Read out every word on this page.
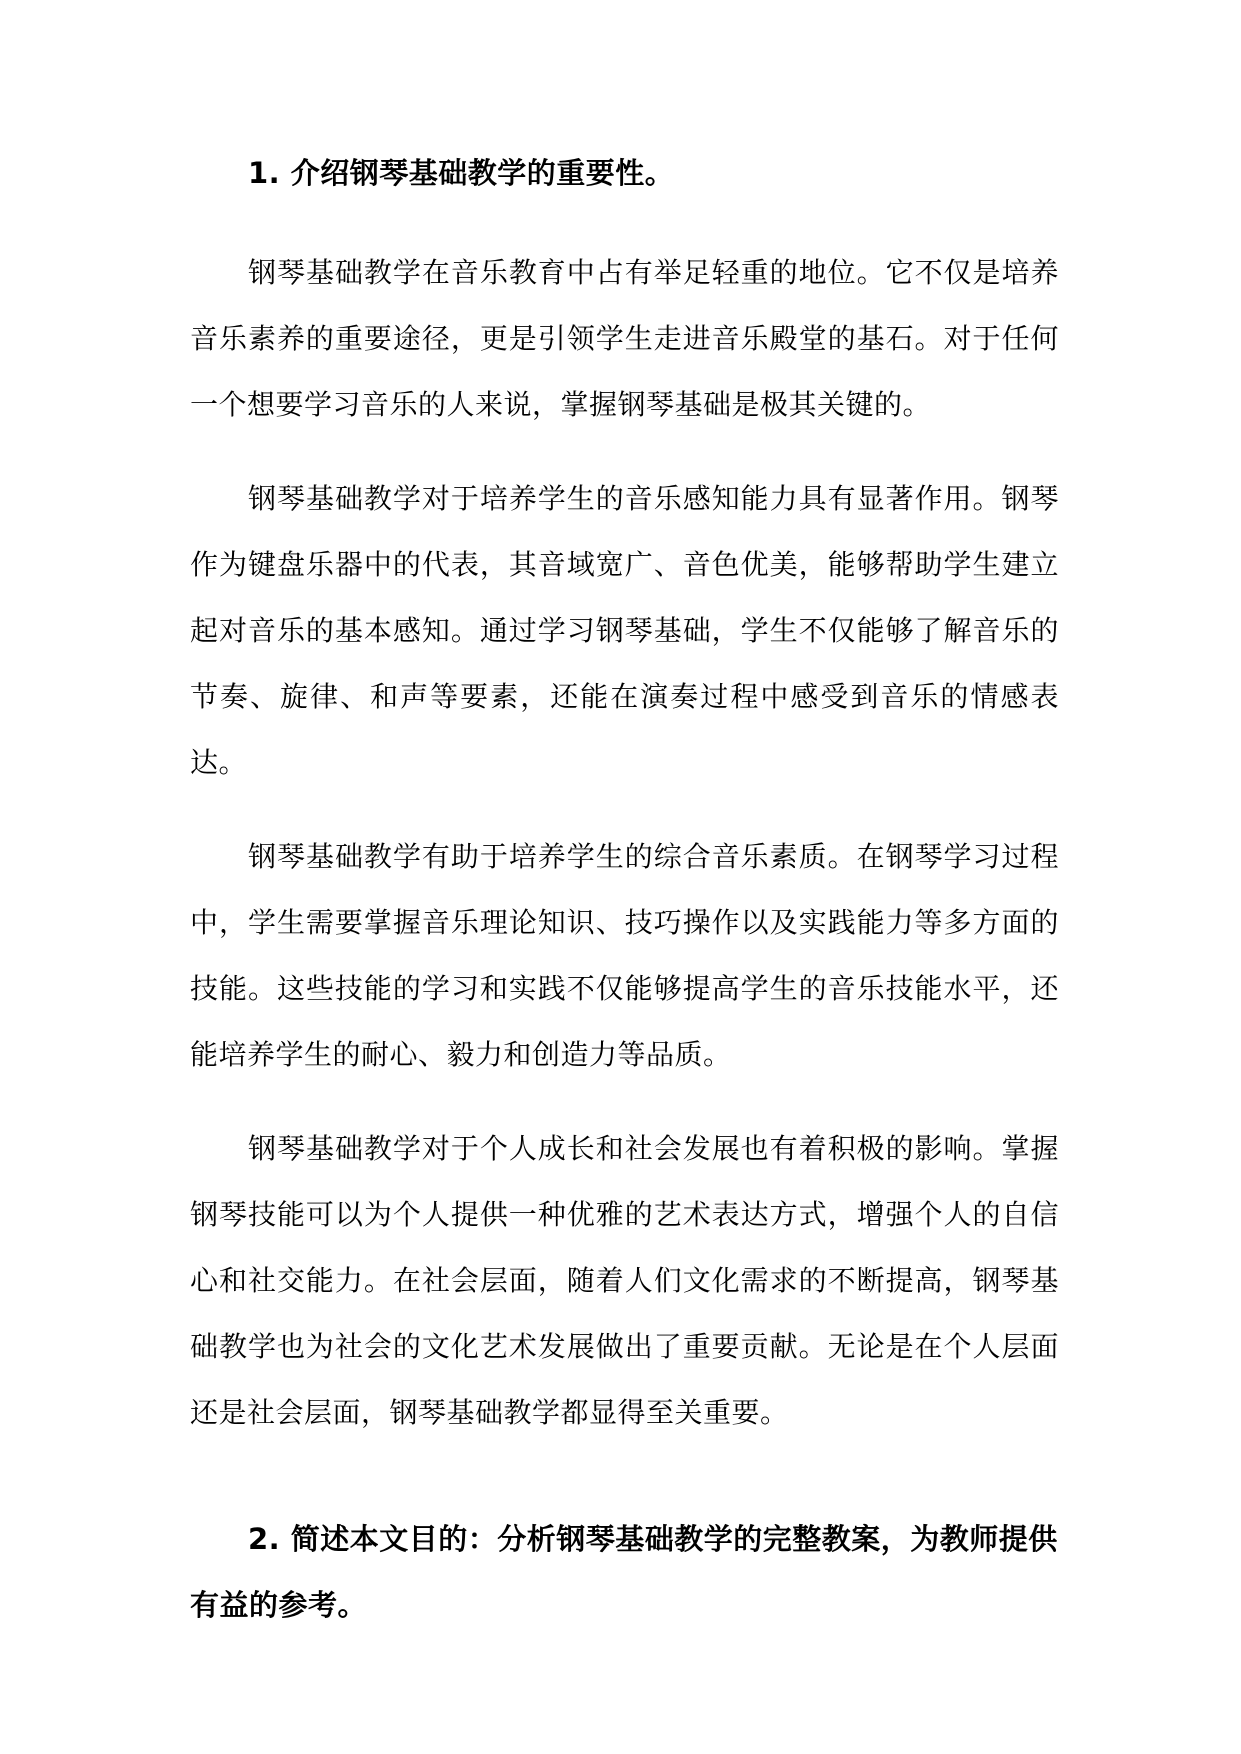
1. 介绍钢琴基础教学的重要性。

钢琴基础教学在音乐教育中占有举足轻重的地位。它不仅是培养音乐素养的重要途径，更是引领学生走进音乐殿堂的基石。对于任何一个想要学习音乐的人来说，掌握钢琴基础是极其关键的。

钢琴基础教学对于培养学生的音乐感知能力具有显著作用。钢琴作为键盘乐器中的代表，其音域宽广、音色优美，能够帮助学生建立起对音乐的基本感知。通过学习钢琴基础，学生不仅能够了解音乐的节奏、旋律、和声等要素，还能在演奏过程中感受到音乐的情感表达。

钢琴基础教学有助于培养学生的综合音乐素质。在钢琴学习过程中，学生需要掌握音乐理论知识、技巧操作以及实践能力等多方面的技能。这些技能的学习和实践不仅能够提高学生的音乐技能水平，还能培养学生的耐心、毅力和创造力等品质。

钢琴基础教学对于个人成长和社会发展也有着积极的影响。掌握钢琴技能可以为个人提供一种优雅的艺术表达方式，增强个人的自信心和社交能力。在社会层面，随着人们文化需求的不断提高，钢琴基础教学也为社会的文化艺术发展做出了重要贡献。无论是在个人层面还是社会层面，钢琴基础教学都显得至关重要。

2. 简述本文目的：分析钢琴基础教学的完整教案，为教师提供有益的参考。
